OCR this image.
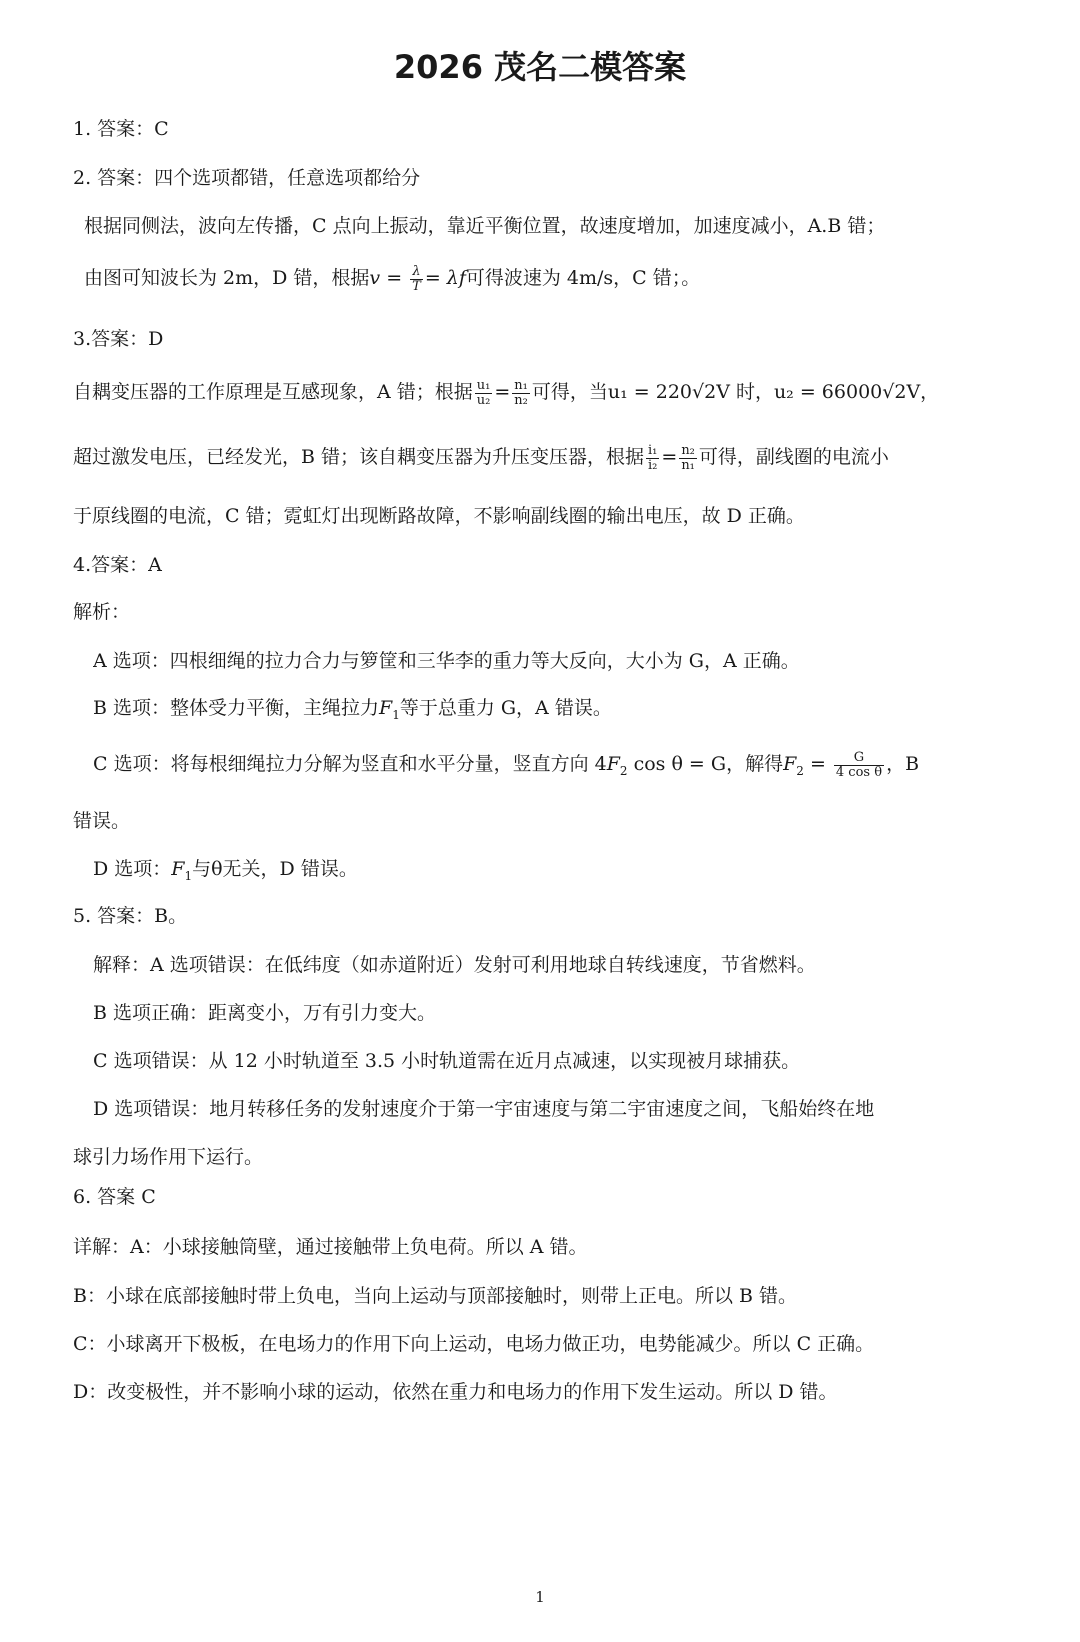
2026 茂名二模答案
1. 答案：C
2. 答案：四个选项都错，任意选项都给分
根据同侧法，波向左传播，C 点向上振动，靠近平衡位置，故速度增加，加速度减小，A.B 错；
由图可知波长为 2m，D 错，根据$v = \frac{\lambda}{T} = \lambda f$可得波速为 4m/s，C 错；。
3.答案：D
自耦变压器的工作原理是互感现象，A 错；根据 $\frac{\text{u₁}}{\text{u₂}} = \frac{\text{n₁}}{\text{n₂}}$ 可得，当u₁ = 220√2V 时，u₂ = 66000√2V，
超过激发电压，已经发光，B 错；该自耦变压器为升压变压器，根据 $\frac{\text{i₁}}{\text{i₂}} = \frac{\text{n₂}}{\text{n₁}}$ 可得，副线圈的电流小
于原线圈的电流，C 错；霓虹灯出现断路故障，不影响副线圈的输出电压，故 D 正确。
4.答案：A
解析：
A 选项：四根细绳的拉力合力与箩筐和三华李的重力等大反向，大小为 G，A 正确。
B 选项：整体受力平衡，主绳拉力$F_1$等于总重力 G，A 错误。
C 选项：将每根细绳拉力分解为竖直和水平分量，竖直方向 $4F_2$ cos θ = G，解得$F_2 = \frac{G}{\text{4 cos θ}}$ ，B
错误。
D 选项：$F_1$与θ无关，D 错误。
5. 答案：B。
解释：A 选项错误：在低纬度（如赤道附近）发射可利用地球自转线速度，节省燃料。
B 选项正确：距离变小，万有引力变大。
C 选项错误：从 12 小时轨道至 3.5 小时轨道需在近月点减速，以实现被月球捕获。
D 选项错误：地月转移任务的发射速度介于第一宇宙速度与第二宇宙速度之间，飞船始终在地
球引力场作用下运行。
6. 答案 C
详解：A：小球接触筒壁，通过接触带上负电荷。所以 A 错。
B：小球在底部接触时带上负电，当向上运动与顶部接触时，则带上正电。所以 B 错。
C：小球离开下极板，在电场力的作用下向上运动，电场力做正功，电势能减少。所以 C 正确。
D：改变极性，并不影响小球的运动，依然在重力和电场力的作用下发生运动。所以 D 错。
1
